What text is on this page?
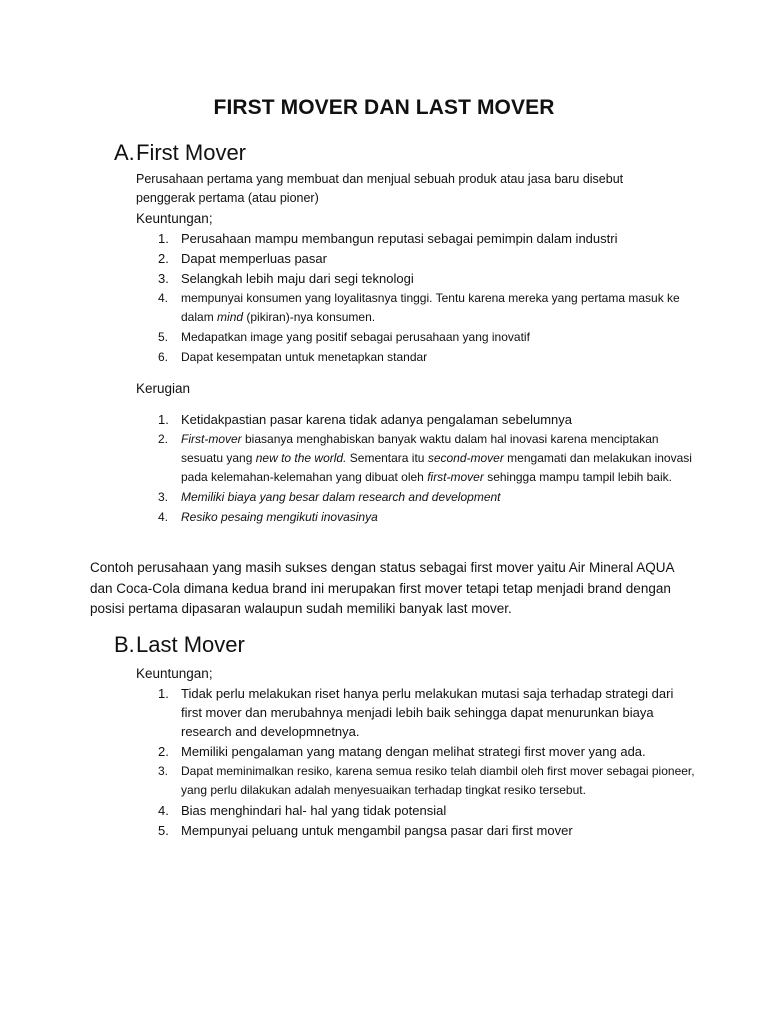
FIRST MOVER DAN LAST MOVER
A.First Mover
Perusahaan pertama yang membuat dan menjual sebuah produk atau jasa baru disebut penggerak pertama (atau pioner)
Keuntungan;
1. Perusahaan mampu membangun reputasi sebagai pemimpin dalam industri
2. Dapat memperluas pasar
3. Selangkah lebih maju dari segi teknologi
4.	mempunyai konsumen yang loyalitasnya tinggi. Tentu karena mereka yang pertama masuk ke dalam mind (pikiran)-nya konsumen.
5.	Medapatkan image yang positif sebagai perusahaan yang inovatif
6.	Dapat kesempatan untuk menetapkan standar
Kerugian
1. Ketidakpastian pasar karena tidak adanya pengalaman sebelumnya
2.	First-mover biasanya menghabiskan banyak waktu dalam hal inovasi karena menciptakan sesuatu yang new to the world. Sementara itu second-mover mengamati dan melakukan inovasi pada kelemahan-kelemahan yang dibuat oleh first-mover sehingga mampu tampil lebih baik.
3.	Memiliki biaya yang besar dalam research and development
4.	Resiko pesaing mengikuti inovasinya
Contoh perusahaan yang masih sukses dengan status sebagai first mover yaitu Air Mineral AQUA dan Coca-Cola dimana kedua brand ini merupakan first mover tetapi tetap menjadi brand dengan posisi pertama dipasaran walaupun sudah memiliki banyak last mover.
B.Last Mover
Keuntungan;
1. Tidak perlu melakukan riset hanya perlu melakukan mutasi saja terhadap strategi dari first mover dan merubahnya menjadi lebih baik sehingga dapat menurunkan biaya research and developmnetnya.
2. Memiliki pengalaman yang matang dengan melihat strategi first mover yang ada.
3.	Dapat meminimalkan resiko, karena semua resiko telah diambil oleh first mover sebagai pioneer, yang perlu dilakukan adalah menyesuaikan terhadap tingkat resiko tersebut.
4. Bias menghindari hal- hal yang tidak potensial
5. Mempunyai peluang untuk mengambil pangsa pasar dari first mover
